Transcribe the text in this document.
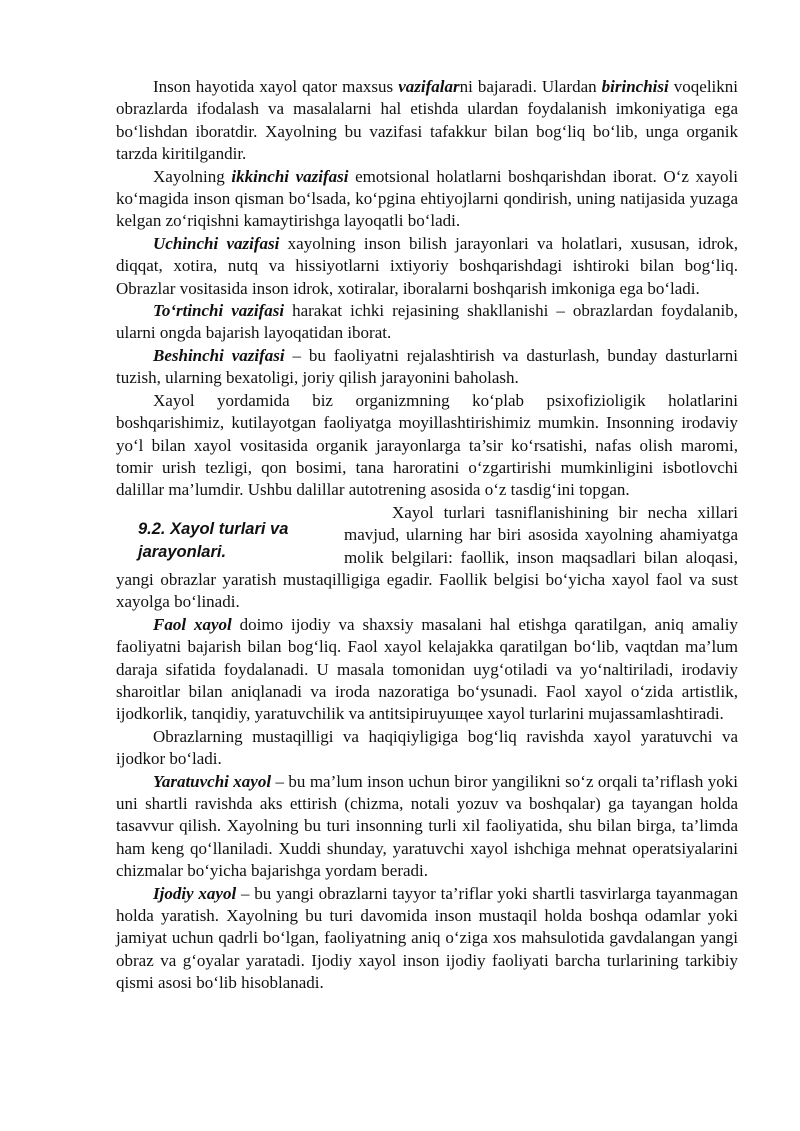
Inson hayotida xayol qator maxsus vazifalarni bajaradi. Ulardan birinchisi voqelikni obrazlarda ifodalash va masalalarni hal etishda ulardan foydalanish imkoniyatiga ega bo‘lishdan iboratdir. Xayolning bu vazifasi tafakkur bilan bog‘liq bo‘lib, unga organik tarzda kiritilgandir.

Xayolning ikkinchi vazifasi emotsional holatlarni boshqarishdan iborat. O‘z xayoli ko‘magida inson qisman bo‘lsada, ko‘pgina ehtiyojlarni qondirish, uning natijasida yuzaga kelgan zo‘riqishni kamaytirishga layoqatli bo‘ladi.

Uchinchi vazifasi xayolning inson bilish jarayonlari va holatlari, xususan, idrok, diqqat, xotira, nutq va hissiyotlarni ixtiyoriy boshqarishdagi ishtiroki bilan bog‘liq. Obrazlar vositasida inson idrok, xotiralar, iboralarni boshqarish imkoniga ega bo‘ladi.

To‘rtinchi vazifasi harakat ichki rejasining shakllanishi – obrazlardan foydalanib, ularni ongda bajarish layoqatidan iborat.

Beshinchi vazifasi – bu faoliyatni rejalashtirish va dasturlash, bunday dasturlarni tuzish, ularning bexatoligi, joriy qilish jarayonini baholash.

Xayol yordamida biz organizmning ko‘plab psixofizioligik holatlarini boshqarishimiz, kutilayotgan faoliyatga moyillashtirishimiz mumkin. Insonning irodaviy yo‘l bilan xayol vositasida organik jarayonlarga ta’sir ko‘rsatishi, nafas olish maromi, tomir urish tezligi, qon bosimi, tana haroratini o‘zgartirishi mumkinligini isbotlovchi dalillar ma’lumdir. Ushbu dalillar autotrening asosida o‘z tasdig‘ini topgan.

9.2. Xayol turlari va
jarayonlari.

Xayol turlari tasniflanishining bir necha xillari mavjud, ularning har biri asosida xayolning ahamiyatga molik belgilari: faollik, inson maqsadlari bilan aloqasi, yangi obrazlar yaratish mustaqilligiga egadir. Faollik belgisi bo‘yicha xayol faol va sust xayolga bo‘linadi.

Faol xayol doimo ijodiy va shaxsiy masalani hal etishga qaratilgan, aniq amaliy faoliyatni bajarish bilan bog‘liq. Faol xayol kelajakka qaratilgan bo‘lib, vaqtdan ma’lum daraja sifatida foydalanadi. U masala tomonidan uyg‘otiladi va yo‘naltiriladi, irodaviy sharoitlar bilan aniqlanadi va iroda nazoratiga bo‘ysunadi. Faol xayol o‘zida artistlik, ijodkorlik, tanqidiy, yaratuvchilik va antitsipiruyuщee xayol turlarini mujassamlashtiradi.

Obrazlarning mustaqilligi va haqiqiyligiga bog‘liq ravishda xayol yaratuvchi va ijodkor bo‘ladi.

Yaratuvchi xayol – bu ma’lum inson uchun biror yangilikni so‘z orqali ta’riflash yoki uni shartli ravishda aks ettirish (chizma, notali yozuv va boshqalar) ga tayangan holda tasavvur qilish. Xayolning bu turi insonning turli xil faoliyatida, shu bilan birga, ta’limda ham keng qo‘llaniladi. Xuddi shunday, yaratuvchi xayol ishchiga mehnat operatsiyalarini chizmalar bo‘yicha bajarishga yordam beradi.

Ijodiy xayol – bu yangi obrazlarni tayyor ta’riflar yoki shartli tasvirlarga tayanmagan holda yaratish. Xayolning bu turi davomida inson mustaqil holda boshqa odamlar yoki jamiyat uchun qadrli bo‘lgan, faoliyatning aniq o‘ziga xos mahsulotida gavdalangan yangi obraz va g‘oyalar yaratadi. Ijodiy xayol inson ijodiy faoliyati barcha turlarining tarkibiy qismi asosi bo‘lib hisoblanadi.
